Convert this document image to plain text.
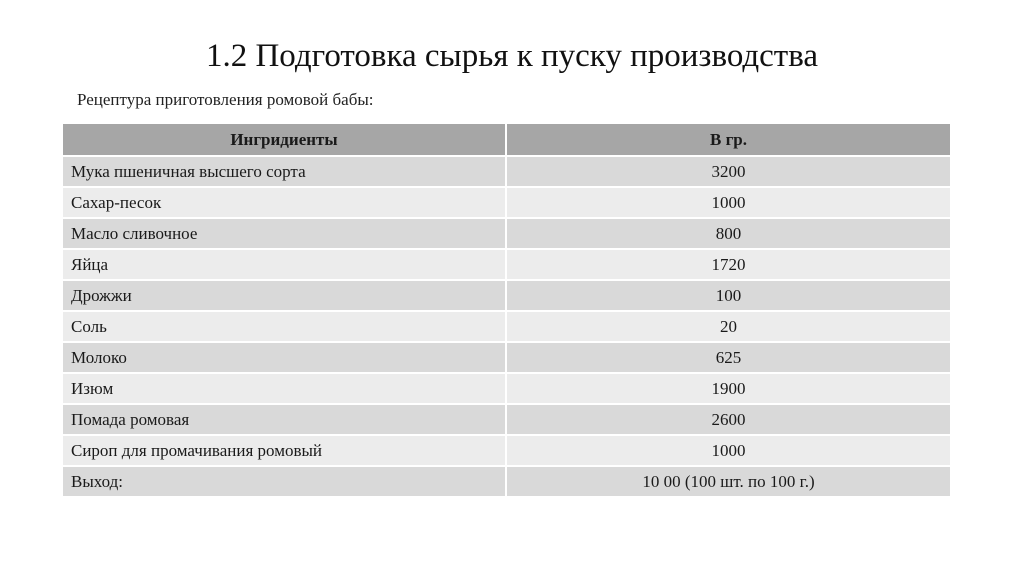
1.2 Подготовка сырья к пуску производства
Рецептура приготовления ромовой бабы:
Ингридиенты	В гр.
Мука пшеничная высшего сорта	3200
Сахар-песок	1000
Масло сливочное	800
Яйца	1720
Дрожжи	100
Соль	20
Молоко	625
Изюм	1900
Помада ромовая	2600
Сироп для промачивания ромовый	1000
Выход:	10 00 (100 шт. по 100 г.)
